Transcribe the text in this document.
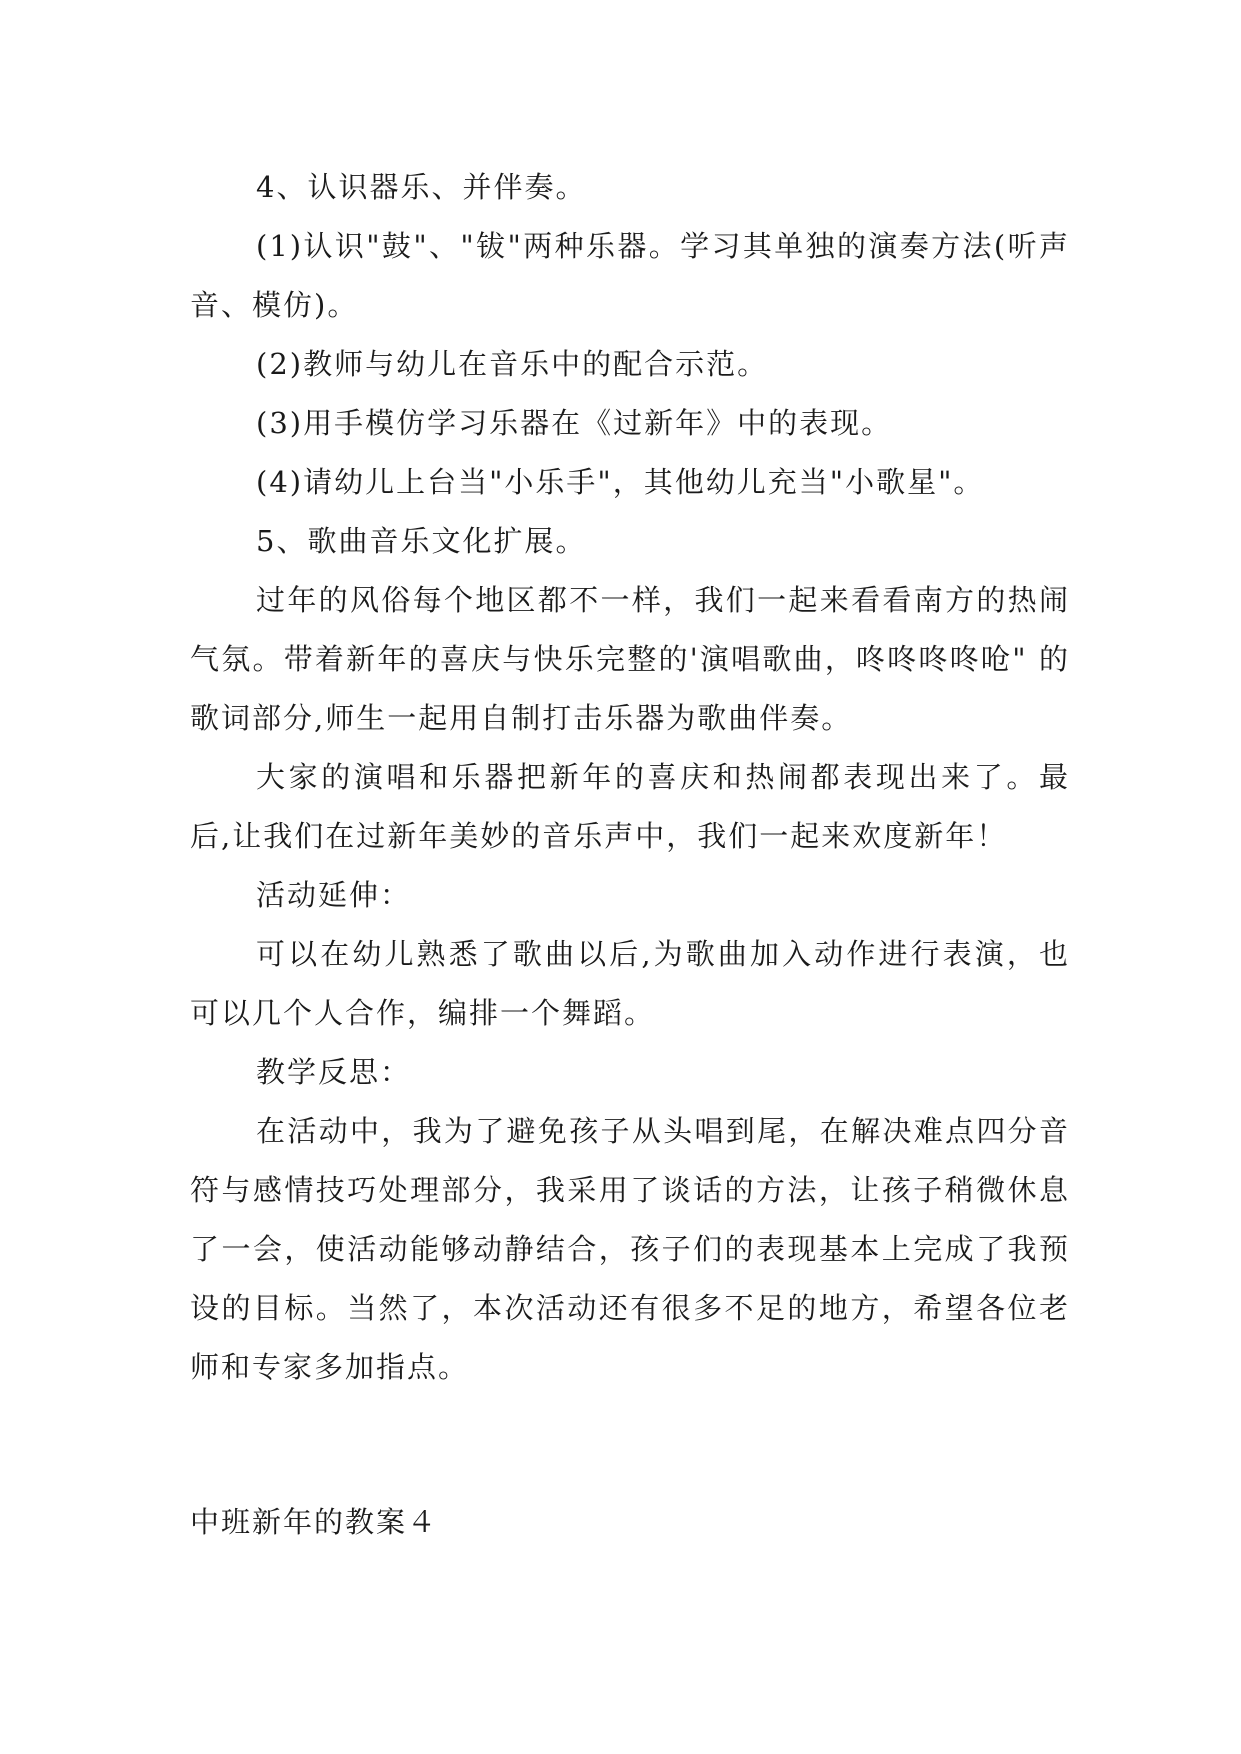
4、认识器乐、并伴奏。

(1)认识"鼓"、"钹"两种乐器。学习其单独的演奏方法(听声音、模仿)。

(2)教师与幼儿在音乐中的配合示范。

(3)用手模仿学习乐器在《过新年》中的表现。

(4)请幼儿上台当"小乐手"，其他幼儿充当"小歌星"。

5、歌曲音乐文化扩展。

过年的风俗每个地区都不一样，我们一起来看看南方的热闹气氛。带着新年的喜庆与快乐完整的'演唱歌曲，咚咚咚咚呛" 的歌词部分,师生一起用自制打击乐器为歌曲伴奏。

大家的演唱和乐器把新年的喜庆和热闹都表现出来了。最后,让我们在过新年美妙的音乐声中，我们一起来欢度新年！

活动延伸：

可以在幼儿熟悉了歌曲以后,为歌曲加入动作进行表演，也可以几个人合作，编排一个舞蹈。

教学反思：

在活动中，我为了避免孩子从头唱到尾，在解决难点四分音符与感情技巧处理部分，我采用了谈话的方法，让孩子稍微休息了一会，使活动能够动静结合，孩子们的表现基本上完成了我预设的目标。当然了，本次活动还有很多不足的地方，希望各位老师和专家多加指点。

中班新年的教案４
